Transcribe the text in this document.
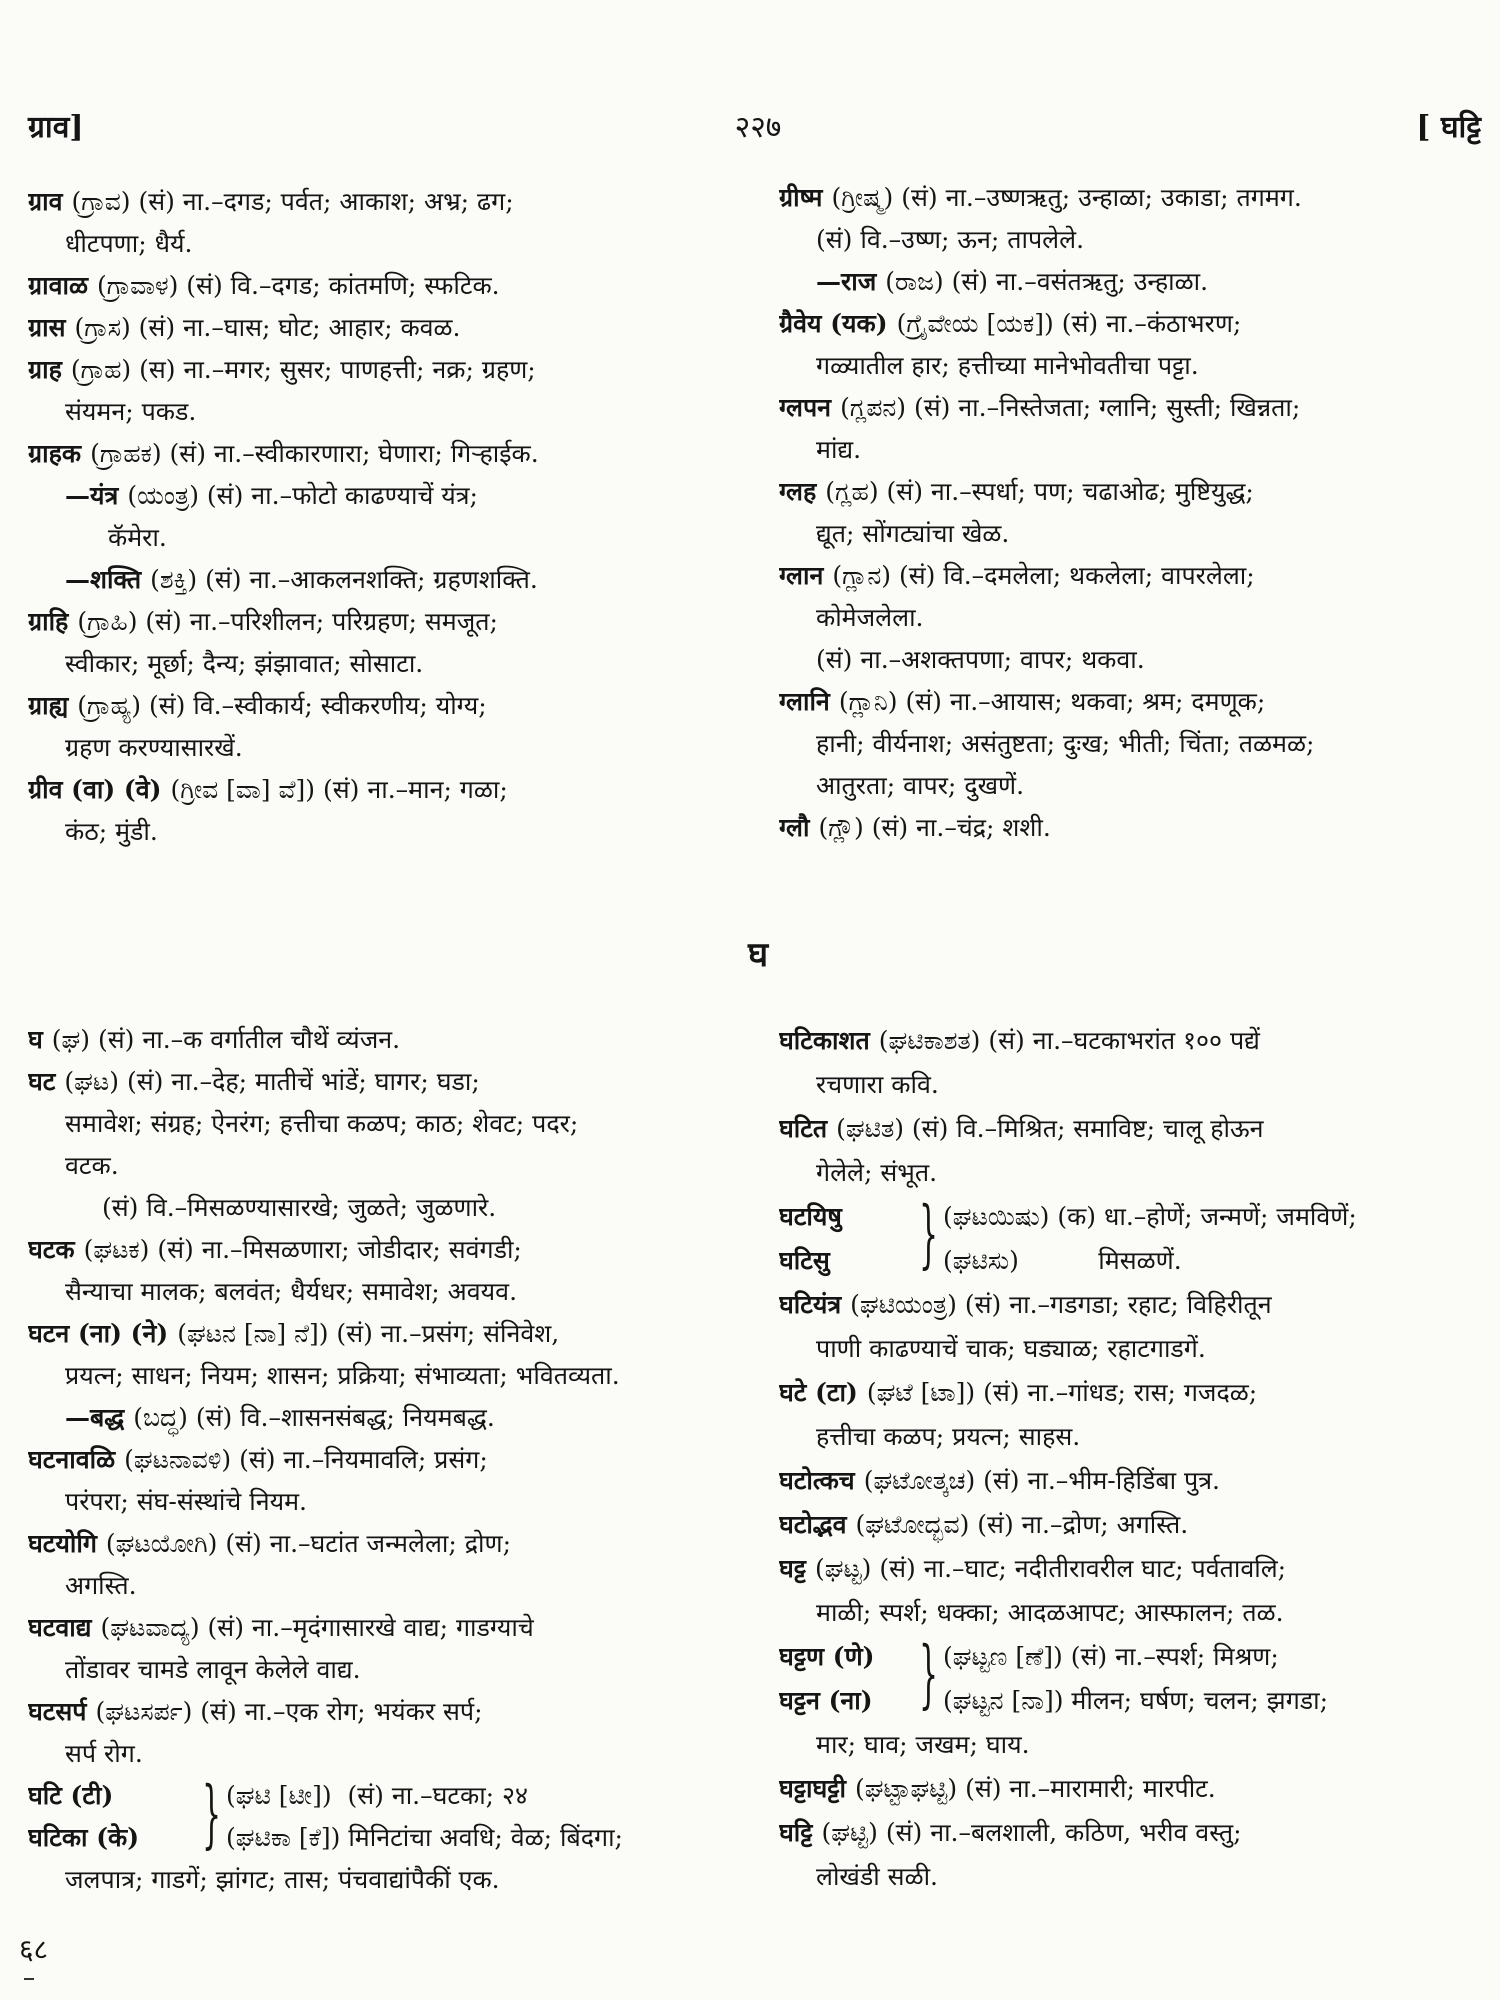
ग्राव]	२२७	[ घट्टि
ग्राव (ಗ್ರಾವ) (सं) ना.–दगड; पर्वत; आकाश; अभ्र; ढग;
धीटपणा; धैर्य.
ग्रावाळ (ಗ್ರಾವಾಳ) (सं) वि.–दगड; कांतमणि; स्फटिक.
ग्रास (ಗ್ರಾಸ) (सं) ना.–घास; घोट; आहार; कवळ.
ग्राह (ಗ್ರಾಹ) (स) ना.–मगर; सुसर; पाणहत्ती; नक्र; ग्रहण;
संयमन; पकड.
ग्राहक (ಗ್ರಾಹಕ) (सं) ना.–स्वीकारणारा; घेणारा; गिऱ्हाईक.
—यंत्र (ಯಂತ್ರ) (सं) ना.–फोटो काढण्याचें यंत्र;
कॅमेरा.
—शक्ति (ಶಕ್ತಿ) (सं) ना.–आकलनशक्ति; ग्रहणशक्ति.
ग्राहि (ಗ್ರಾಹಿ) (सं) ना.–परिशीलन; परिग्रहण; समजूत;
स्वीकार; मूर्छा; दैन्य; झंझावात; सोसाटा.
ग्राह्य (ಗ್ರಾಹ್ಯ) (सं) वि.–स्वीकार्य; स्वीकरणीय; योग्य;
ग्रहण करण्यासारखें.
ग्रीव (वा) (वे) (ಗ್ರೀವ [ವಾ] ವೆ]) (सं) ना.–मान; गळा;
कंठ; मुंडी.
ग्रीष्म (ಗ್ರೀಷ್ಮ) (सं) ना.–उष्णऋतु; उन्हाळा; उकाडा; तगमग.
(सं) वि.–उष्ण; ऊन; तापलेले.
—राज (ರಾಜ) (सं) ना.–वसंतऋतु; उन्हाळा.
ग्रैवेय (यक) (ಗ್ರೈವೇಯ [ಯಕ]) (सं) ना.–कंठाभरण;
गळ्यातील हार; हत्तीच्या मानेभोवतीचा पट्टा.
ग्लपन (ಗ್ಲಪನ) (सं) ना.–निस्तेजता; ग्लानि; सुस्ती; खिन्नता;
मांद्य.
ग्लह (ಗ್ಲಹ) (सं) ना.–स्पर्धा; पण; चढाओढ; मुष्टियुद्ध;
द्यूत; सोंगट्यांचा खेळ.
ग्लान (ಗ್ಲಾನ) (सं) वि.–दमलेला; थकलेला; वापरलेला;
कोमेजलेला.
(सं) ना.–अशक्तपणा; वापर; थकवा.
ग्लानि (ಗ್ಲಾನಿ) (सं) ना.–आयास; थकवा; श्रम; दमणूक;
हानी; वीर्यनाश; असंतुष्टता; दुःख; भीती; चिंता; तळमळ;
आतुरता; वापर; दुखणें.
ग्लौ (ಗ್ಲೌ) (सं) ना.–चंद्र; शशी.
घ
घ (ಘ) (सं) ना.–क वर्गातील चौथें व्यंजन.
घट (ಘಟ) (सं) ना.–देह; मातीचें भांडें; घागर; घडा;
समावेश; संग्रह; ऐनरंग; हत्तीचा कळप; काठ; शेवट; पदर;
वटक.
(सं) वि.–मिसळण्यासारखे; जुळते; जुळणारे.
घटक (ಘಟಕ) (सं) ना.–मिसळणारा; जोडीदार; सवंगडी;
सैन्याचा मालक; बलवंत; धैर्यधर; समावेश; अवयव.
घटन (ना) (ने) (ಘಟನ [ನಾ] ನೆ]) (सं) ना.–प्रसंग; संनिवेश,
प्रयत्न; साधन; नियम; शासन; प्रक्रिया; संभाव्यता; भवितव्यता.
—बद्ध (ಬದ್ಧ) (सं) वि.–शासनसंबद्ध; नियमबद्ध.
घटनावळि (ಘಟನಾವಳಿ) (सं) ना.–नियमावलि; प्रसंग;
परंपरा; संघ-संस्थांचे नियम.
घटयोगि (ಘಟಯೋಗಿ) (सं) ना.–घटांत जन्मलेला; द्रोण;
अगस्ति.
घटवाद्य (ಘಟವಾದ್ಯ) (सं) ना.–मृदंगासारखे वाद्य; गाडग्याचे
तोंडावर चामडे लावून केलेले वाद्य.
घटसर्प (ಘಟಸರ್ಪ) (सं) ना.–एक रोग; भयंकर सर्प;
सर्प रोग.
घटि (टी)	} (ಘಟಿ [ಟೀ])  (सं) ना.–घटका; २४
घटिका (के)	(ಘಟಿಕಾ [ಕೆ]) मिनिटांचा अवधि; वेळ; बिंदगा;
जलपात्र; गाडगें; झांगट; तास; पंचवाद्यांपैकीं एक.
घटिकाशत (ಘಟಿಕಾಶತ) (सं) ना.–घटकाभरांत १०० पद्यें
रचणारा कवि.
घटित (ಘಟಿತ) (सं) वि.–मिश्रित; समाविष्ट; चालू होऊन
गेलेले; संभूत.
घटयिषु	} (ಘಟಯಿಷು) (क) धा.–होणें; जन्मणें; जमविणें;
घटिसु	(ಘಟಿಸು)          मिसळणें.
घटियंत्र (ಘಟಿಯಂತ್ರ) (सं) ना.–गडगडा; रहाट; विहिरीतून
पाणी काढण्याचें चाक; घड्याळ; रहाटगाडगें.
घटे (टा) (ಘಟೆ [ಟಾ]) (सं) ना.–गांधड; रास; गजदळ;
हत्तीचा कळप; प्रयत्न; साहस.
घटोत्कच (ಘಟೋತ್ಕಚ) (सं) ना.–भीम-हिडिंबा पुत्र.
घटोद्भव (ಘಟೋದ್ಭವ) (सं) ना.–द्रोण; अगस्ति.
घट्ट (ಘಟ್ಟ) (सं) ना.–घाट; नदीतीरावरील घाट; पर्वतावलि;
माळी; स्पर्श; धक्का; आदळआपट; आस्फालन; तळ.
घट्टण (णे) } (ಘಟ್ಟಣ [ಣೆ]) (सं) ना.–स्पर्श; मिश्रण;
घट्टन (ना)	(ಘಟ್ಟನ [ನಾ]) मीलन; घर्षण; चलन; झगडा;
मार; घाव; जखम; घाय.
घट्टाघट्टी (ಘಟ್ಟಾಘಟ್ಟಿ) (सं) ना.–मारामारी; मारपीट.
घट्टि (ಘಟ್ಟಿ) (सं) ना.–बलशाली, कठिण, भरीव वस्तु;
लोखंडी सळी.
६८
